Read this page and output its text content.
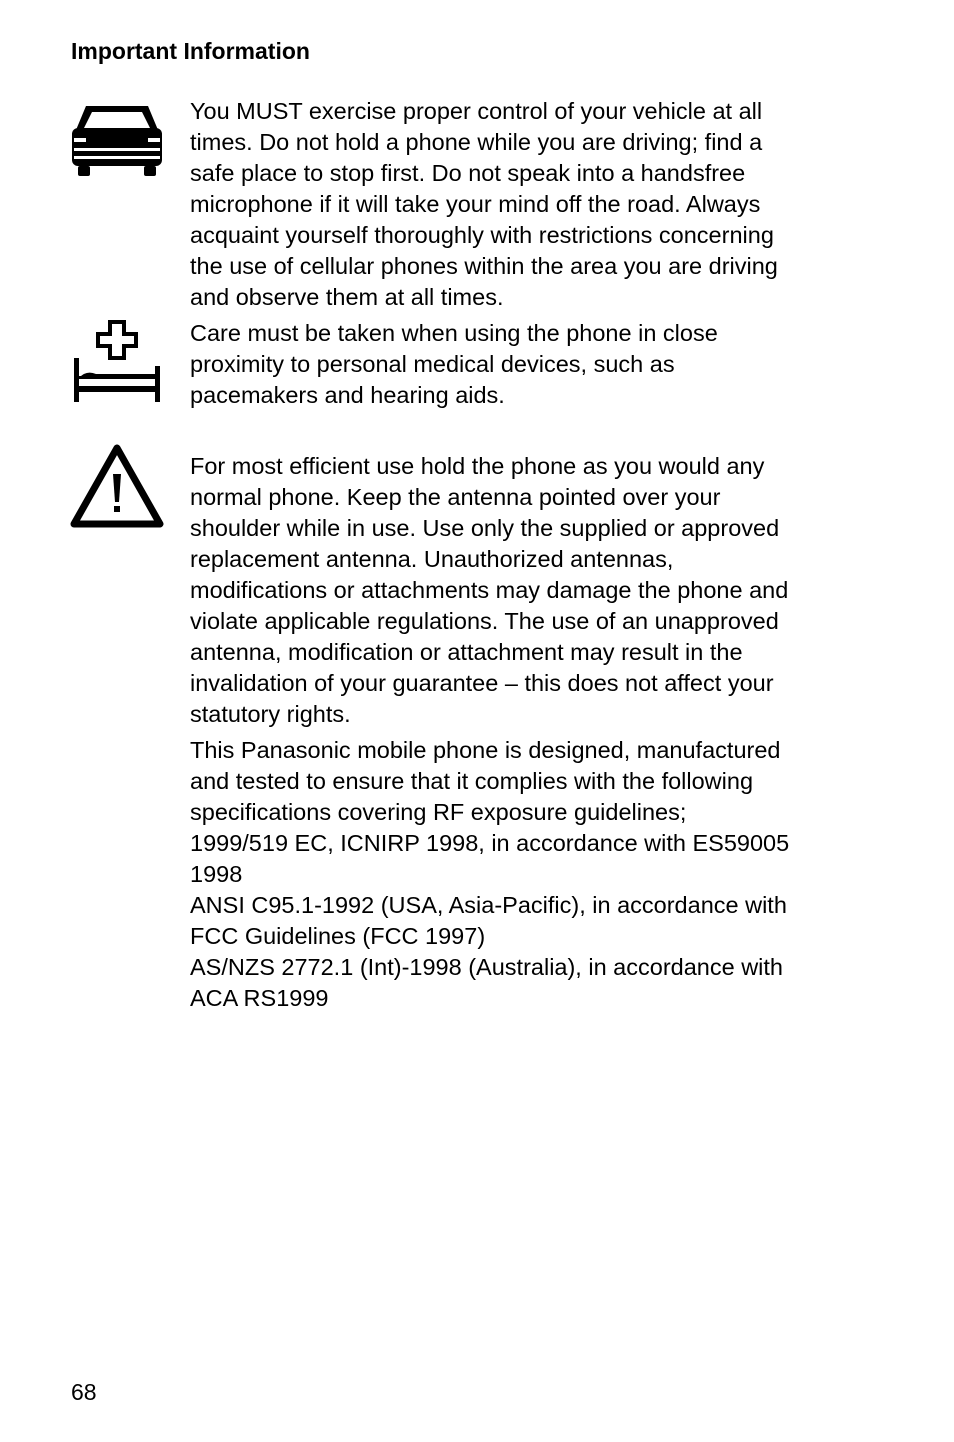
Important Information
You MUST exercise proper control of your vehicle at all
times. Do not hold a phone while you are driving; find a
safe place to stop first. Do not speak into a handsfree
microphone if it will take your mind off the road. Always
acquaint yourself thoroughly with restrictions concerning
the use of cellular phones within the area you are driving
and observe them at all times.
Care must be taken when using the phone in close
proximity to personal medical devices, such as
pacemakers and hearing aids.
For most efficient use hold the phone as you would any
normal phone. Keep the antenna pointed over your
shoulder while in use. Use only the supplied or approved
replacement antenna. Unauthorized antennas,
modifications or attachments may damage the phone and
violate applicable regulations. The use of an unapproved
antenna, modification or attachment may result in the
invalidation of your guarantee – this does not affect your
statutory rights.
This Panasonic mobile phone is designed, manufactured
and tested to ensure that it complies with the following
specifications covering RF exposure guidelines;
1999/519 EC, ICNIRP 1998, in accordance with ES59005
1998
ANSI C95.1-1992 (USA, Asia-Pacific), in accordance with
FCC Guidelines (FCC 1997)
AS/NZS 2772.1 (Int)-1998 (Australia), in accordance with
ACA RS1999
68
